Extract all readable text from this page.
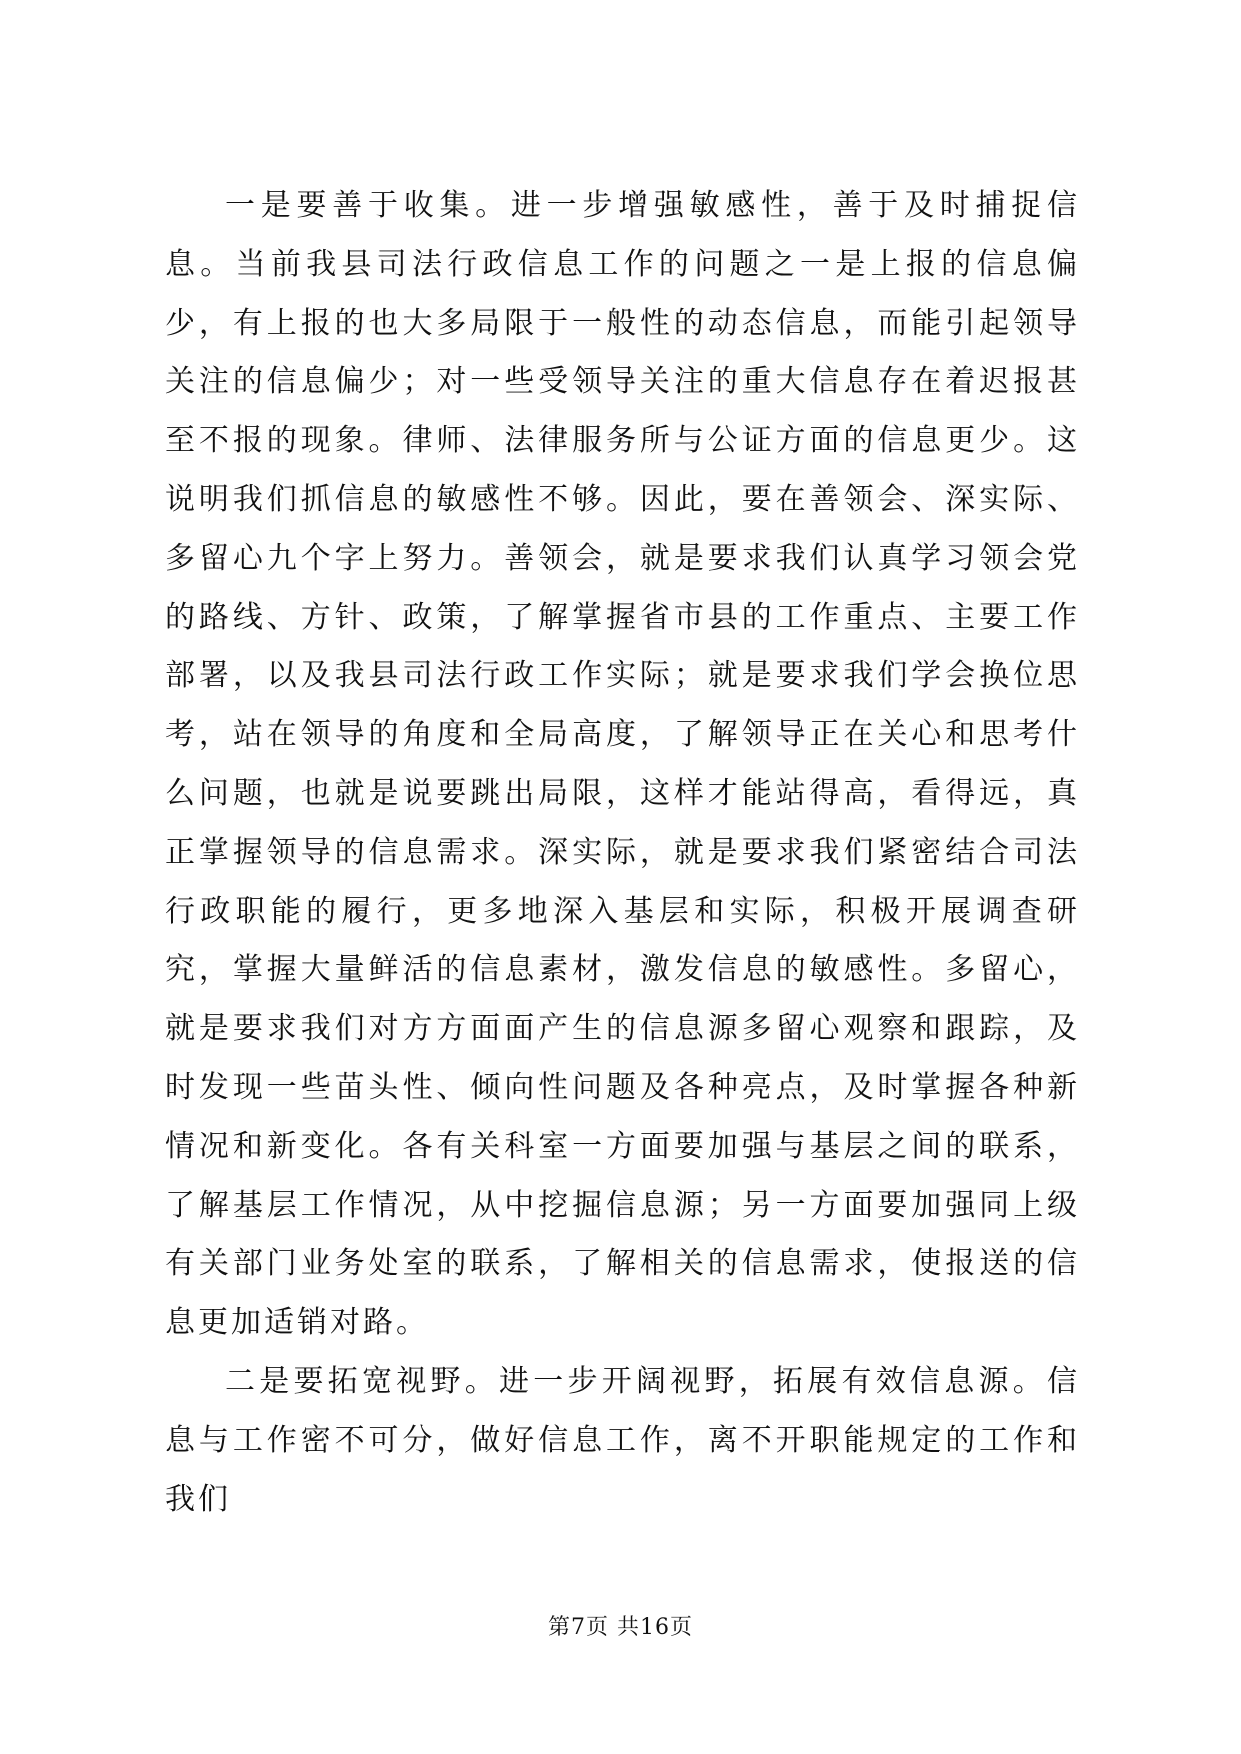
一是要善于收集。进一步增强敏感性，善于及时捕捉信息。当前我县司法行政信息工作的问题之一是上报的信息偏少，有上报的也大多局限于一般性的动态信息，而能引起领导关注的信息偏少；对一些受领导关注的重大信息存在着迟报甚至不报的现象。律师、法律服务所与公证方面的信息更少。这说明我们抓信息的敏感性不够。因此，要在善领会、深实际、多留心九个字上努力。善领会，就是要求我们认真学习领会党的路线、方针、政策，了解掌握省市县的工作重点、主要工作部署，以及我县司法行政工作实际；就是要求我们学会换位思考，站在领导的角度和全局高度，了解领导正在关心和思考什么问题，也就是说要跳出局限，这样才能站得高，看得远，真正掌握领导的信息需求。深实际，就是要求我们紧密结合司法行政职能的履行，更多地深入基层和实际，积极开展调查研究，掌握大量鲜活的信息素材，激发信息的敏感性。多留心，就是要求我们对方方面面产生的信息源多留心观察和跟踪，及时发现一些苗头性、倾向性问题及各种亮点，及时掌握各种新情况和新变化。各有关科室一方面要加强与基层之间的联系，了解基层工作情况，从中挖掘信息源；另一方面要加强同上级有关部门业务处室的联系，了解相关的信息需求，使报送的信息更加适销对路。

二是要拓宽视野。进一步开阔视野，拓展有效信息源。信息与工作密不可分，做好信息工作，离不开职能规定的工作和我们

第7页 共16页
